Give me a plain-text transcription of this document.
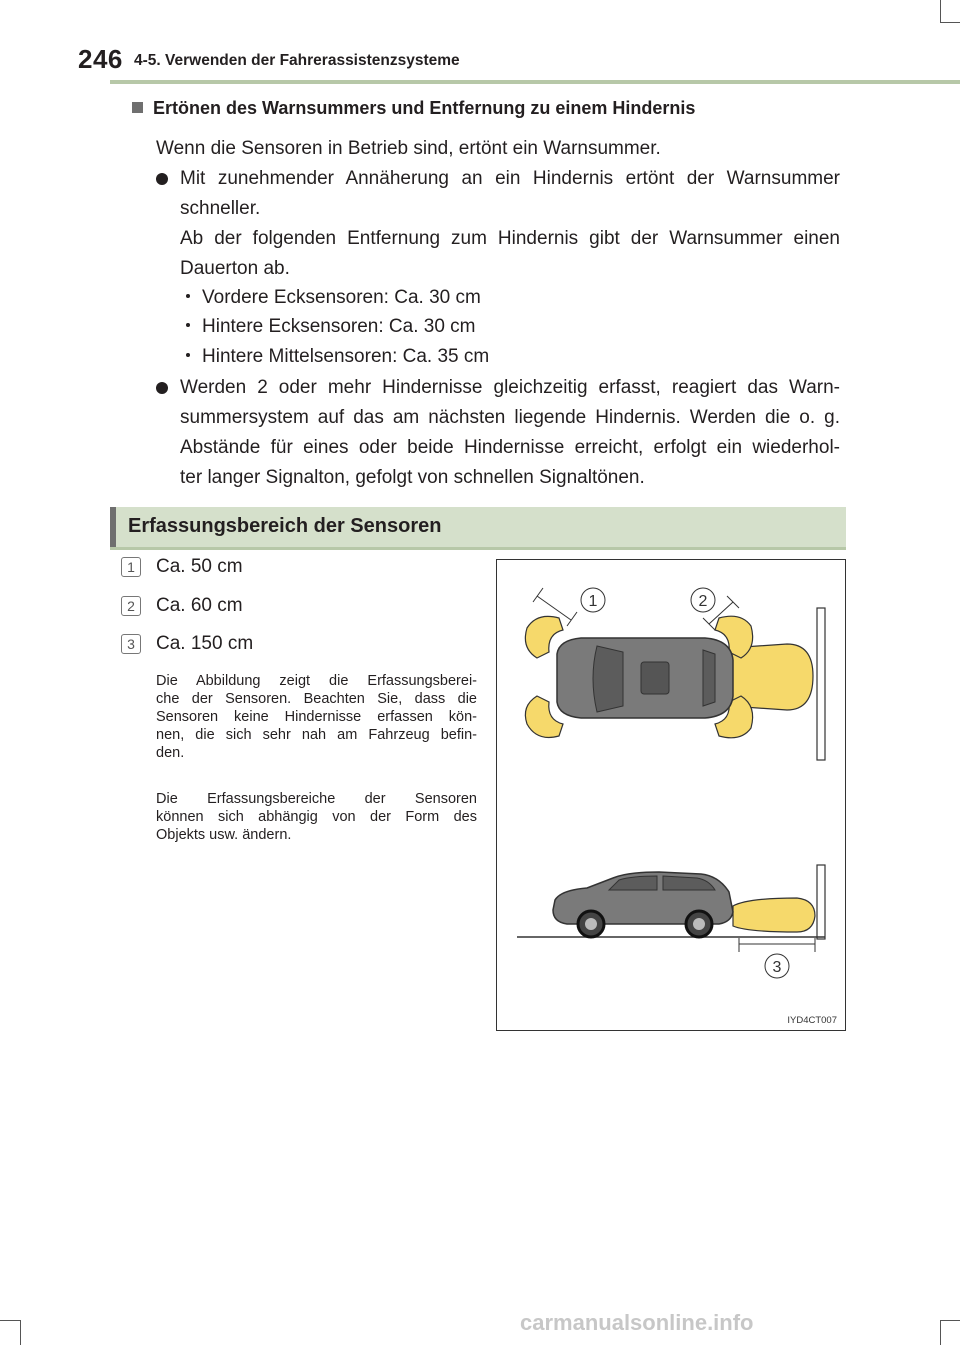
246 4-5. Verwenden der Fahrerassistenzsysteme
Ertönen des Warnsummers und Entfernung zu einem Hindernis
Wenn die Sensoren in Betrieb sind, ertönt ein Warnsummer.
Mit zunehmender Annäherung an ein Hindernis ertönt der Warnsummer
schneller.
Ab der folgenden Entfernung zum Hindernis gibt der Warnsummer einen
Dauerton ab.
Vordere Ecksensoren: Ca. 30 cm
Hintere Ecksensoren: Ca. 30 cm
Hintere Mittelsensoren: Ca. 35 cm
Werden 2 oder mehr Hindernisse gleichzeitig erfasst, reagiert das Warn-
summersystem auf das am nächsten liegende Hindernis. Werden die o. g.
Abstände für eines oder beide Hindernisse erreicht, erfolgt ein wiederhol-
ter langer Signalton, gefolgt von schnellen Signaltönen.
Erfassungsbereich der Sensoren
1	Ca. 50 cm
2	Ca. 60 cm
3	Ca. 150 cm
Die Abbildung zeigt die Erfassungsberei-
che der Sensoren. Beachten Sie, dass die
Sensoren keine Hindernisse erfassen kön-
nen, die sich sehr nah am Fahrzeug befin-
den.
Die Erfassungsbereiche der Sensoren
können sich abhängig von der Form des
Objekts usw. ändern.
1	2
3
IYD4CT007
carmanualsonline.info
